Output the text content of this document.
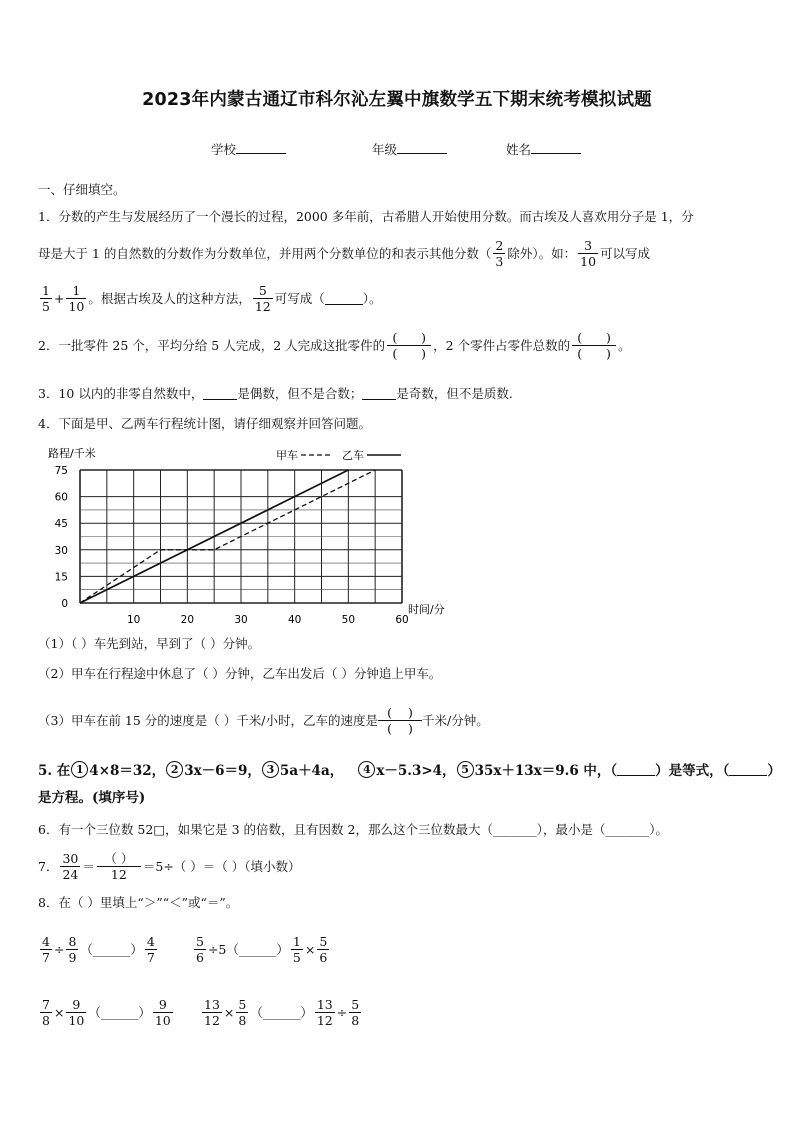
2023年内蒙古通辽市科尔沁左翼中旗数学五下期末统考模拟试题
学校	年级	姓名
一、仔细填空。
1．分数的产生与发展经历了一个漫长的过程，2000 多年前，古希腊人开始使用分数。而古埃及人喜欢用分子是 1，分
母是大于 1 的自然数的分数作为分数单位，并用两个分数单位的和表示其他分数（ $\frac{2}{3}$ 除外）。如： $\frac{3}{10}$ 可以写成
$\frac{1}{5} + \frac{1}{10}$ 。根据古埃及人的这种方法， $\frac{5}{12}$ 可写成（	）。
2．一批零件 25 个，平均分给 5 人完成，2 人完成这批零件的 $\frac{( )}{( )}$ ，2 个零件占零件总数的 $\frac{( )}{( )}$ 。
3．10 以内的非零自然数中，	是偶数，但不是合数；	是奇数，但不是质数.
4．下面是甲、乙两车行程统计图，请仔细观察并回答问题。
0
15
30
45
60
75
10	20	30	40	50	60
路程/千米
时间/分
甲车	乙车
（1）（ ）车先到站，早到了（ ）分钟。
（2）甲车在行程途中休息了（ ）分钟，乙车出发后（ ）分钟追上甲车。
（3）甲车在前 15 分的速度是（ ）千米/小时，乙车的速度是 $\frac{( )}{( )}$ 千米/分钟。
5. 在 1 4×8＝32， 2 3x－6＝9， 3 5a＋4a，
	4 x－5.3>4， 5 35x＋13x＝9.6 中，（	）是等式，（	）
是方程。(填序号)
6．有一个三位数 52□，如果它是 3 的倍数，且有因数 2，那么这个三位数最大（_______），最小是（_______）。
7． $\frac{30}{24} = \frac{( )}{12} =5\div$（ ）＝（ ）（填小数）
8．在（ ）里填上“＞”“＜”或“＝”。
$\frac{4}{7} \div \frac{8}{9}$ （______） $\frac{4}{7}$	$\frac{5}{6}$ ÷5（______） $\frac{1}{5} \times \frac{5}{6}$
$\frac{7}{8} \times \frac{9}{10}$ （______） $\frac{9}{10} \frac{13}{12} \times \frac{5}{8}$ （______） $\frac{13}{12} \div \frac{5}{8}$
